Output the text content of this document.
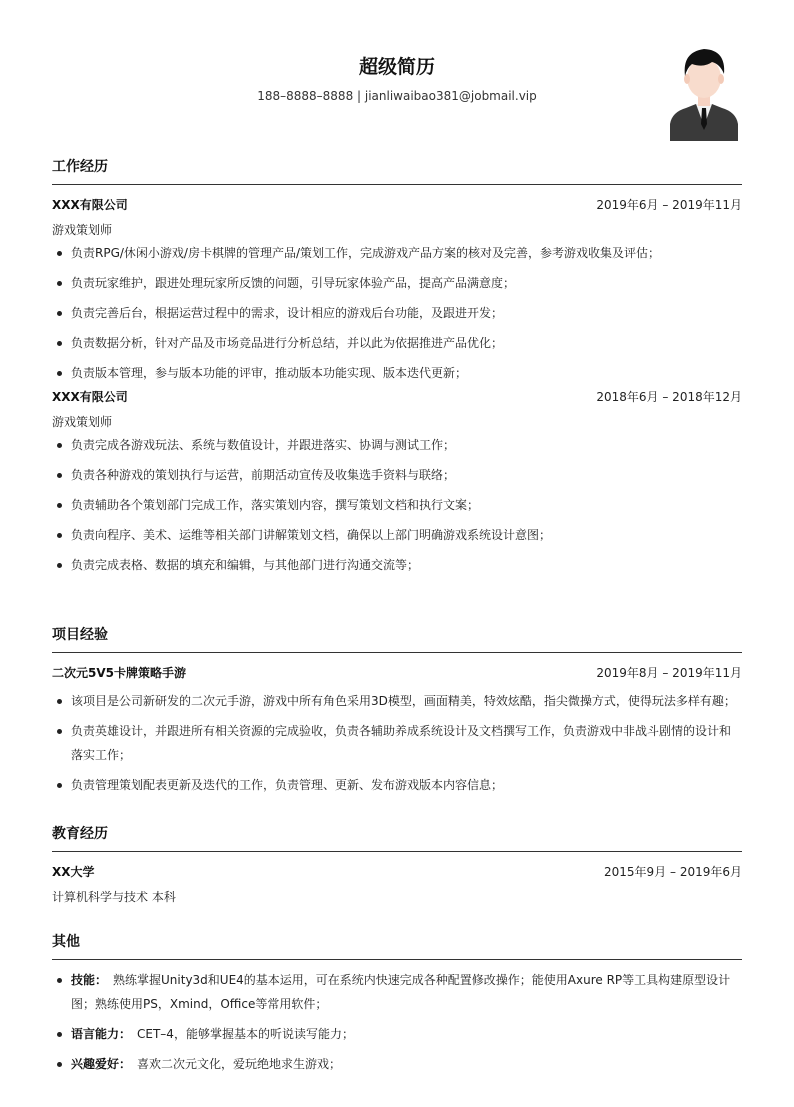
超级简历
188–8888–8888 | jianliwaibao381@jobmail.vip
工作经历
XXX有限公司	2019年6月 – 2019年11月
游戏策划师
负责RPG/休闲小游戏/房卡棋牌的管理产品/策划工作，完成游戏产品方案的核对及完善，参考游戏收集及评估；
负责玩家维护，跟进处理玩家所反馈的问题，引导玩家体验产品，提高产品满意度；
负责完善后台，根据运营过程中的需求，设计相应的游戏后台功能，及跟进开发；
负责数据分析，针对产品及市场竞品进行分析总结，并以此为依据推进产品优化；
负责版本管理，参与版本功能的评审，推动版本功能实现、版本迭代更新；
XXX有限公司	2018年6月 – 2018年12月
游戏策划师
负责完成各游戏玩法、系统与数值设计，并跟进落实、协调与测试工作；
负责各种游戏的策划执行与运营，前期活动宣传及收集选手资料与联络；
负责辅助各个策划部门完成工作，落实策划内容，撰写策划文档和执行文案；
负责向程序、美术、运维等相关部门讲解策划文档，确保以上部门明确游戏系统设计意图；
负责完成表格、数据的填充和编辑，与其他部门进行沟通交流等；
项目经验
二次元5V5卡牌策略手游	2019年8月 – 2019年11月
该项目是公司新研发的二次元手游，游戏中所有角色采用3D模型，画面精美，特效炫酷，指尖微操方式，使得玩法多样有趣；
负责英雄设计，并跟进所有相关资源的完成验收，负责各辅助养成系统设计及文档撰写工作，负责游戏中非战斗剧情的设计和落实工作；
负责管理策划配表更新及迭代的工作，负责管理、更新、发布游戏版本内容信息；
教育经历
XX大学	2015年9月 – 2019年6月
计算机科学与技术 本科
其他
技能： 熟练掌握Unity3d和UE4的基本运用，可在系统内快速完成各种配置修改操作；能使用Axure RP等工具构建原型设计图；熟练使用PS，Xmind，Office等常用软件；
语言能力： CET–4，能够掌握基本的听说读写能力；
兴趣爱好： 喜欢二次元文化，爱玩绝地求生游戏；
